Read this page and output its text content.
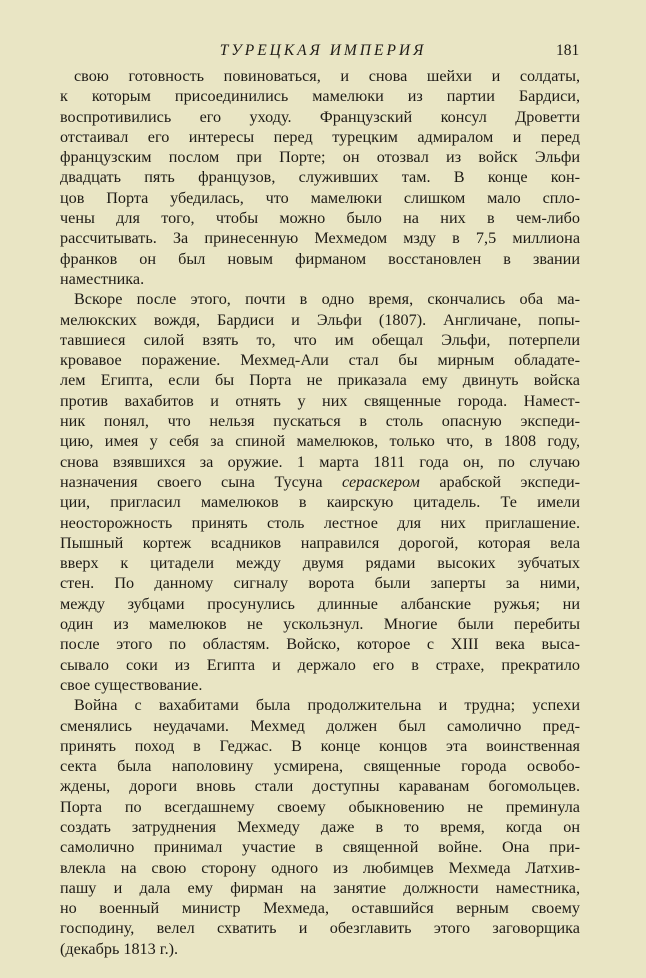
ТУРЕЦКАЯ ИМПЕРИЯ	181
свою готовность повиноваться, и снова шейхи и солдаты,
к которым присоединились мамелюки из партии Бардиси,
воспротивились его уходу. Французский консул Дроветти
отстаивал его интересы перед турецким адмиралом и перед
французским послом при Порте; он отозвал из войск Эльфи
двадцать пять французов, служивших там. В конце кон-
цов Порта убедилась, что мамелюки слишком мало спло-
чены для того, чтобы можно было на них в чем-либо
рассчитывать. За принесенную Мехмедом мзду в 7,5 миллиона
франков он был новым фирманом восстановлен в звании
наместника.
Вскоре после этого, почти в одно время, скончались оба ма-
мелюкских вождя, Бардиси и Эльфи (1807). Англичане, попы-
тавшиеся силой взять то, что им обещал Эльфи, потерпели
кровавое поражение. Мехмед-Али стал бы мирным обладате-
лем Египта, если бы Порта не приказала ему двинуть войска
против вахабитов и отнять у них священные города. Намест-
ник понял, что нельзя пускаться в столь опасную экспеди-
цию, имея у себя за спиной мамелюков, только что, в 1808 году,
снова взявшихся за оружие. 1 марта 1811 года он, по случаю
назначения своего сына Тусуна сераскером арабской экспеди-
ции, пригласил мамелюков в каирскую цитадель. Те имели
неосторожность принять столь лестное для них приглашение.
Пышный кортеж всадников направился дорогой, которая вела
вверх к цитадели между двумя рядами высоких зубчатых
стен. По данному сигналу ворота были заперты за ними,
между зубцами просунулись длинные албанские ружья; ни
один из мамелюков не ускользнул. Многие были перебиты
после этого по областям. Войско, которое с XIII века выса-
сывало соки из Египта и держало его в страхе, прекратило
свое существование.
Война с вахабитами была продолжительна и трудна; успехи
сменялись неудачами. Мехмед должен был самолично пред-
принять поход в Геджас. В конце концов эта воинственная
секта была наполовину усмирена, священные города освобо-
ждены, дороги вновь стали доступны караванам богомольцев.
Порта по всегдашнему своему обыкновению не преминула
создать затруднения Мехмеду даже в то время, когда он
самолично принимал участие в священной войне. Она при-
влекла на свою сторону одного из любимцев Мехмеда Латхив-
пашу и дала ему фирман на занятие должности наместника,
но военный министр Мехмеда, оставшийся верным своему
господину, велел схватить и обезглавить этого заговорщика
(декабрь 1813 г.).
